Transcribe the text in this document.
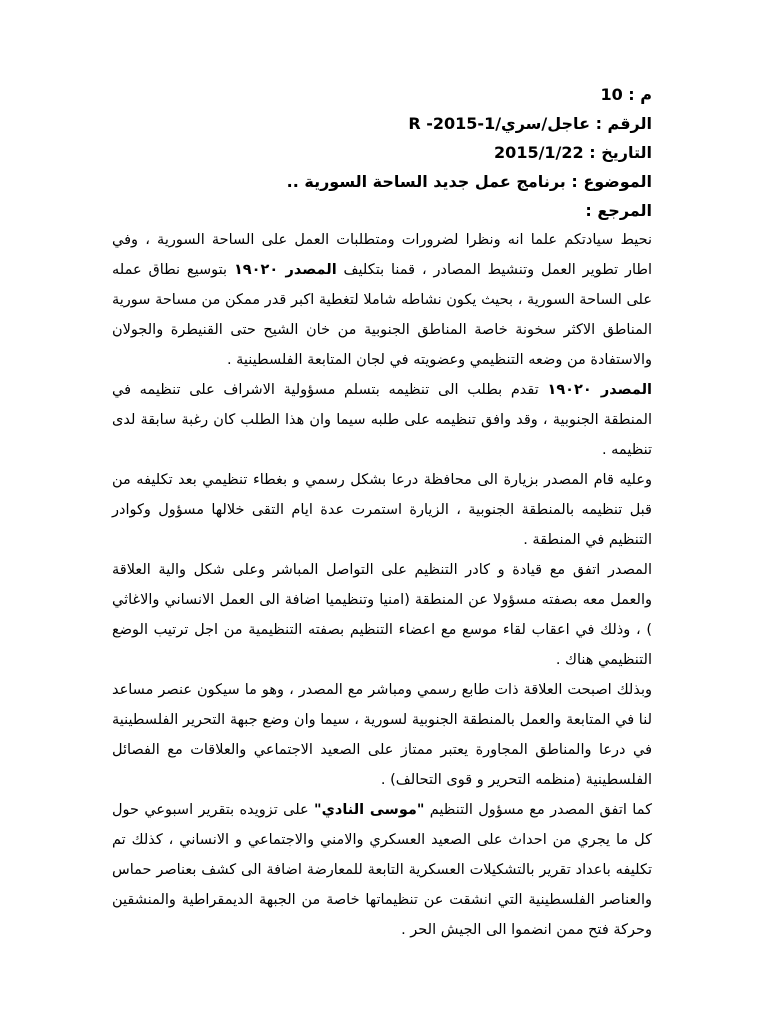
م : 10

الرقم : عاجل/سري/R -2015-1

التاريخ : 2015/1/22

الموضوع : برنامج عمل جديد الساحة السورية ..

المرجع :

نحيط سيادتكم علما انه ونظرا لضرورات ومتطلبات العمل على الساحة السورية ، وفي اطار تطوير العمل وتنشيط المصادر ، قمنا بتكليف المصدر ١٩٠٢٠ بتوسيع نطاق عمله على الساحة السورية ، بحيث يكون نشاطه شاملا لتغطية اكبر قدر ممكن من مساحة سورية المناطق الاكثر سخونة خاصة المناطق الجنوبية من خان الشيح حتى القنيطرة والجولان والاستفادة من وضعه التنظيمي وعضويته في لجان المتابعة الفلسطينية .

المصدر ١٩٠٢٠ تقدم بطلب الى تنظيمه بتسلم مسؤولية الاشراف على تنظيمه في المنطقة الجنوبية ، وقد وافق تنظيمه على طلبه سيما وان هذا الطلب كان رغبة سابقة لدى تنظيمه .

وعليه قام المصدر بزيارة الى محافظة درعا بشكل رسمي و بغطاء تنظيمي بعد تكليفه من قبل تنظيمه بالمنطقة الجنوبية ، الزيارة استمرت عدة ايام التقى خلالها مسؤول وكوادر التنظيم في المنطقة .

المصدر اتفق مع قيادة و كادر التنظيم على التواصل المباشر وعلى شكل والية العلاقة والعمل معه بصفته مسؤولا عن المنطقة (امنيا وتنظيميا اضافة الى العمل الانساني والاغاثي ) ، وذلك في اعقاب لقاء موسع مع اعضاء التنظيم بصفته التنظيمية من اجل ترتيب الوضع التنظيمي هناك .

وبذلك اصبحت العلاقة ذات طابع رسمي ومباشر مع المصدر ، وهو ما سيكون عنصر مساعد لنا في المتابعة والعمل بالمنطقة الجنوبية لسورية ، سيما وان وضع جبهة التحرير الفلسطينية في درعا والمناطق المجاورة يعتبر ممتاز على الصعيد الاجتماعي والعلاقات مع الفصائل الفلسطينية (منظمه التحرير و قوى التحالف) .

كما اتفق المصدر مع مسؤول التنظيم "موسى النادي" على تزويده بتقرير اسبوعي حول كل ما يجري من احداث على الصعيد العسكري والامني والاجتماعي و الانساني ، كذلك تم تكليفه باعداد تقرير بالتشكيلات العسكرية التابعة للمعارضة اضافة الى كشف بعناصر حماس والعناصر الفلسطينية التي انشقت عن تنظيماتها خاصة من الجبهة الديمقراطية والمنشقين وحركة فتح ممن انضموا الى الجيش الحر .
